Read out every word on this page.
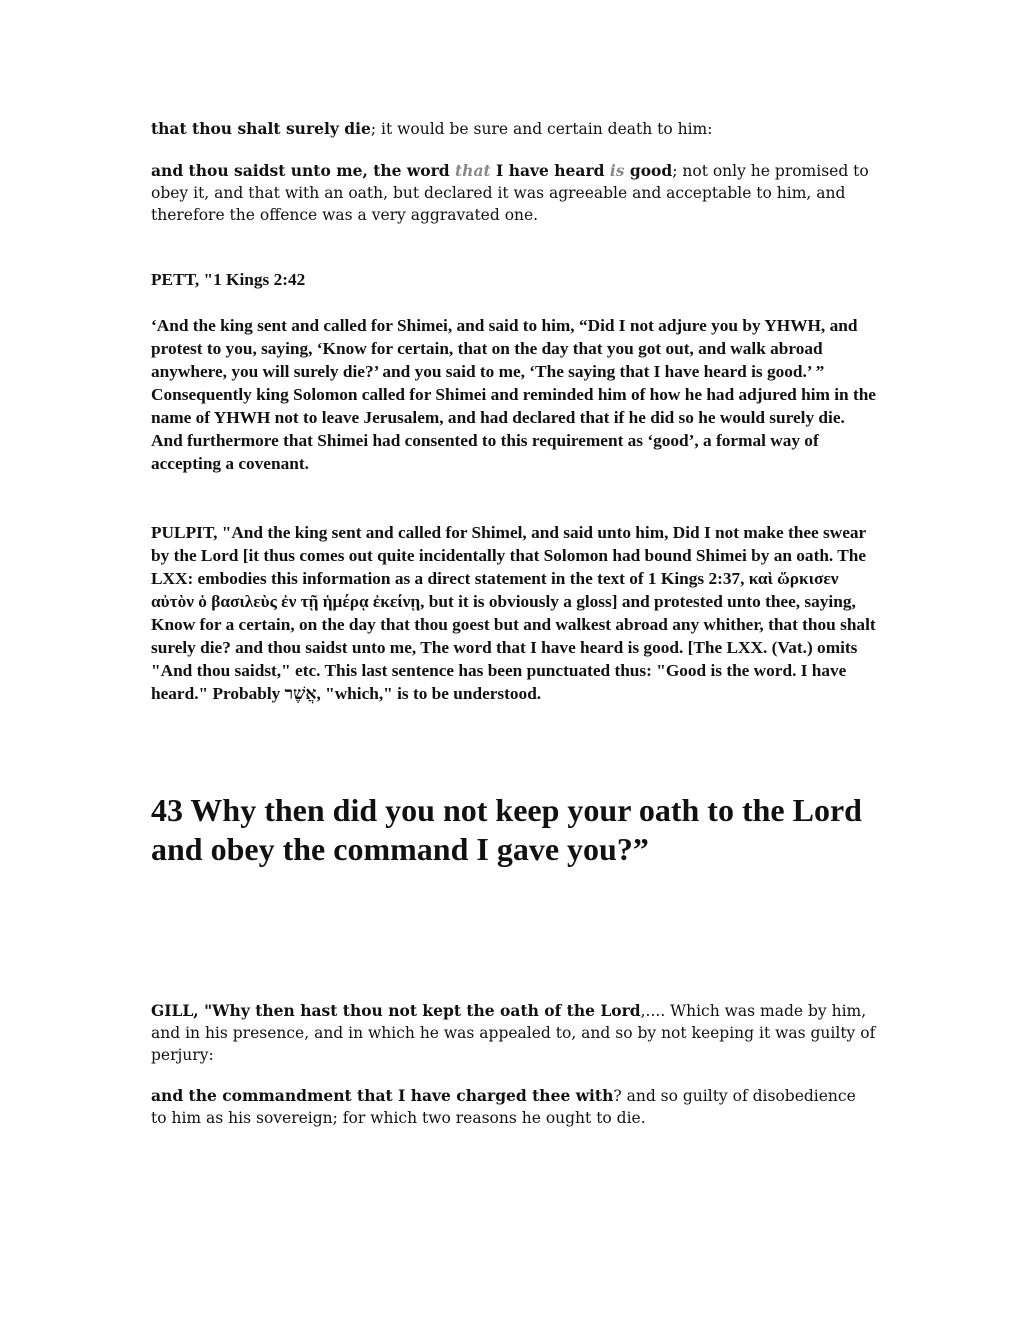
that thou shalt surely die; it would be sure and certain death to him:

and thou saidst unto me, the word that I have heard is good; not only he promised to obey it, and that with an oath, but declared it was agreeable and acceptable to him, and therefore the offence was a very aggravated one.

PETT, "1 Kings 2:42

‘And the king sent and called for Shimei, and said to him, “Did I not adjure you by YHWH, and protest to you, saying, ‘Know for certain, that on the day that you got out, and walk abroad anywhere, you will surely die?’ and you said to me, ‘The saying that I have heard is good.’ ”

Consequently king Solomon called for Shimei and reminded him of how he had adjured him in the name of YHWH not to leave Jerusalem, and had declared that if he did so he would surely die. And furthermore that Shimei had consented to this requirement as ‘good’, a formal way of accepting a covenant.

PULPIT, "And the king sent and called for Shimel, and said unto him, Did I not make thee swear by the Lord [it thus comes out quite incidentally that Solomon had bound Shimei by an oath. The LXX: embodies this information as a direct statement in the text of 1 Kings 2:37, καὶ ὥρκισεν αὐτὸν ὁ βασιλεὺς ἐν τῇ ἡμέρᾳ ἐκείνῃ, but it is obviously a gloss] and protested unto thee, saying, Know for a certain, on the day that thou goest but and walkest abroad any whither, that thou shalt surely die? and thou saidst unto me, The word that I have heard is good. [The LXX. (Vat.) omits "And thou saidst," etc. This last sentence has been punctuated thus: "Good is the word. I have heard." Probably אֲשֶׁר, "which," is to be understood.

43 Why then did you not keep your oath to the Lord and obey the command I gave you?”

GILL, "Why then hast thou not kept the oath of the Lord,.... Which was made by him, and in his presence, and in which he was appealed to, and so by not keeping it was guilty of perjury:

and the commandment that I have charged thee with? and so guilty of disobedience to him as his sovereign; for which two reasons he ought to die.
